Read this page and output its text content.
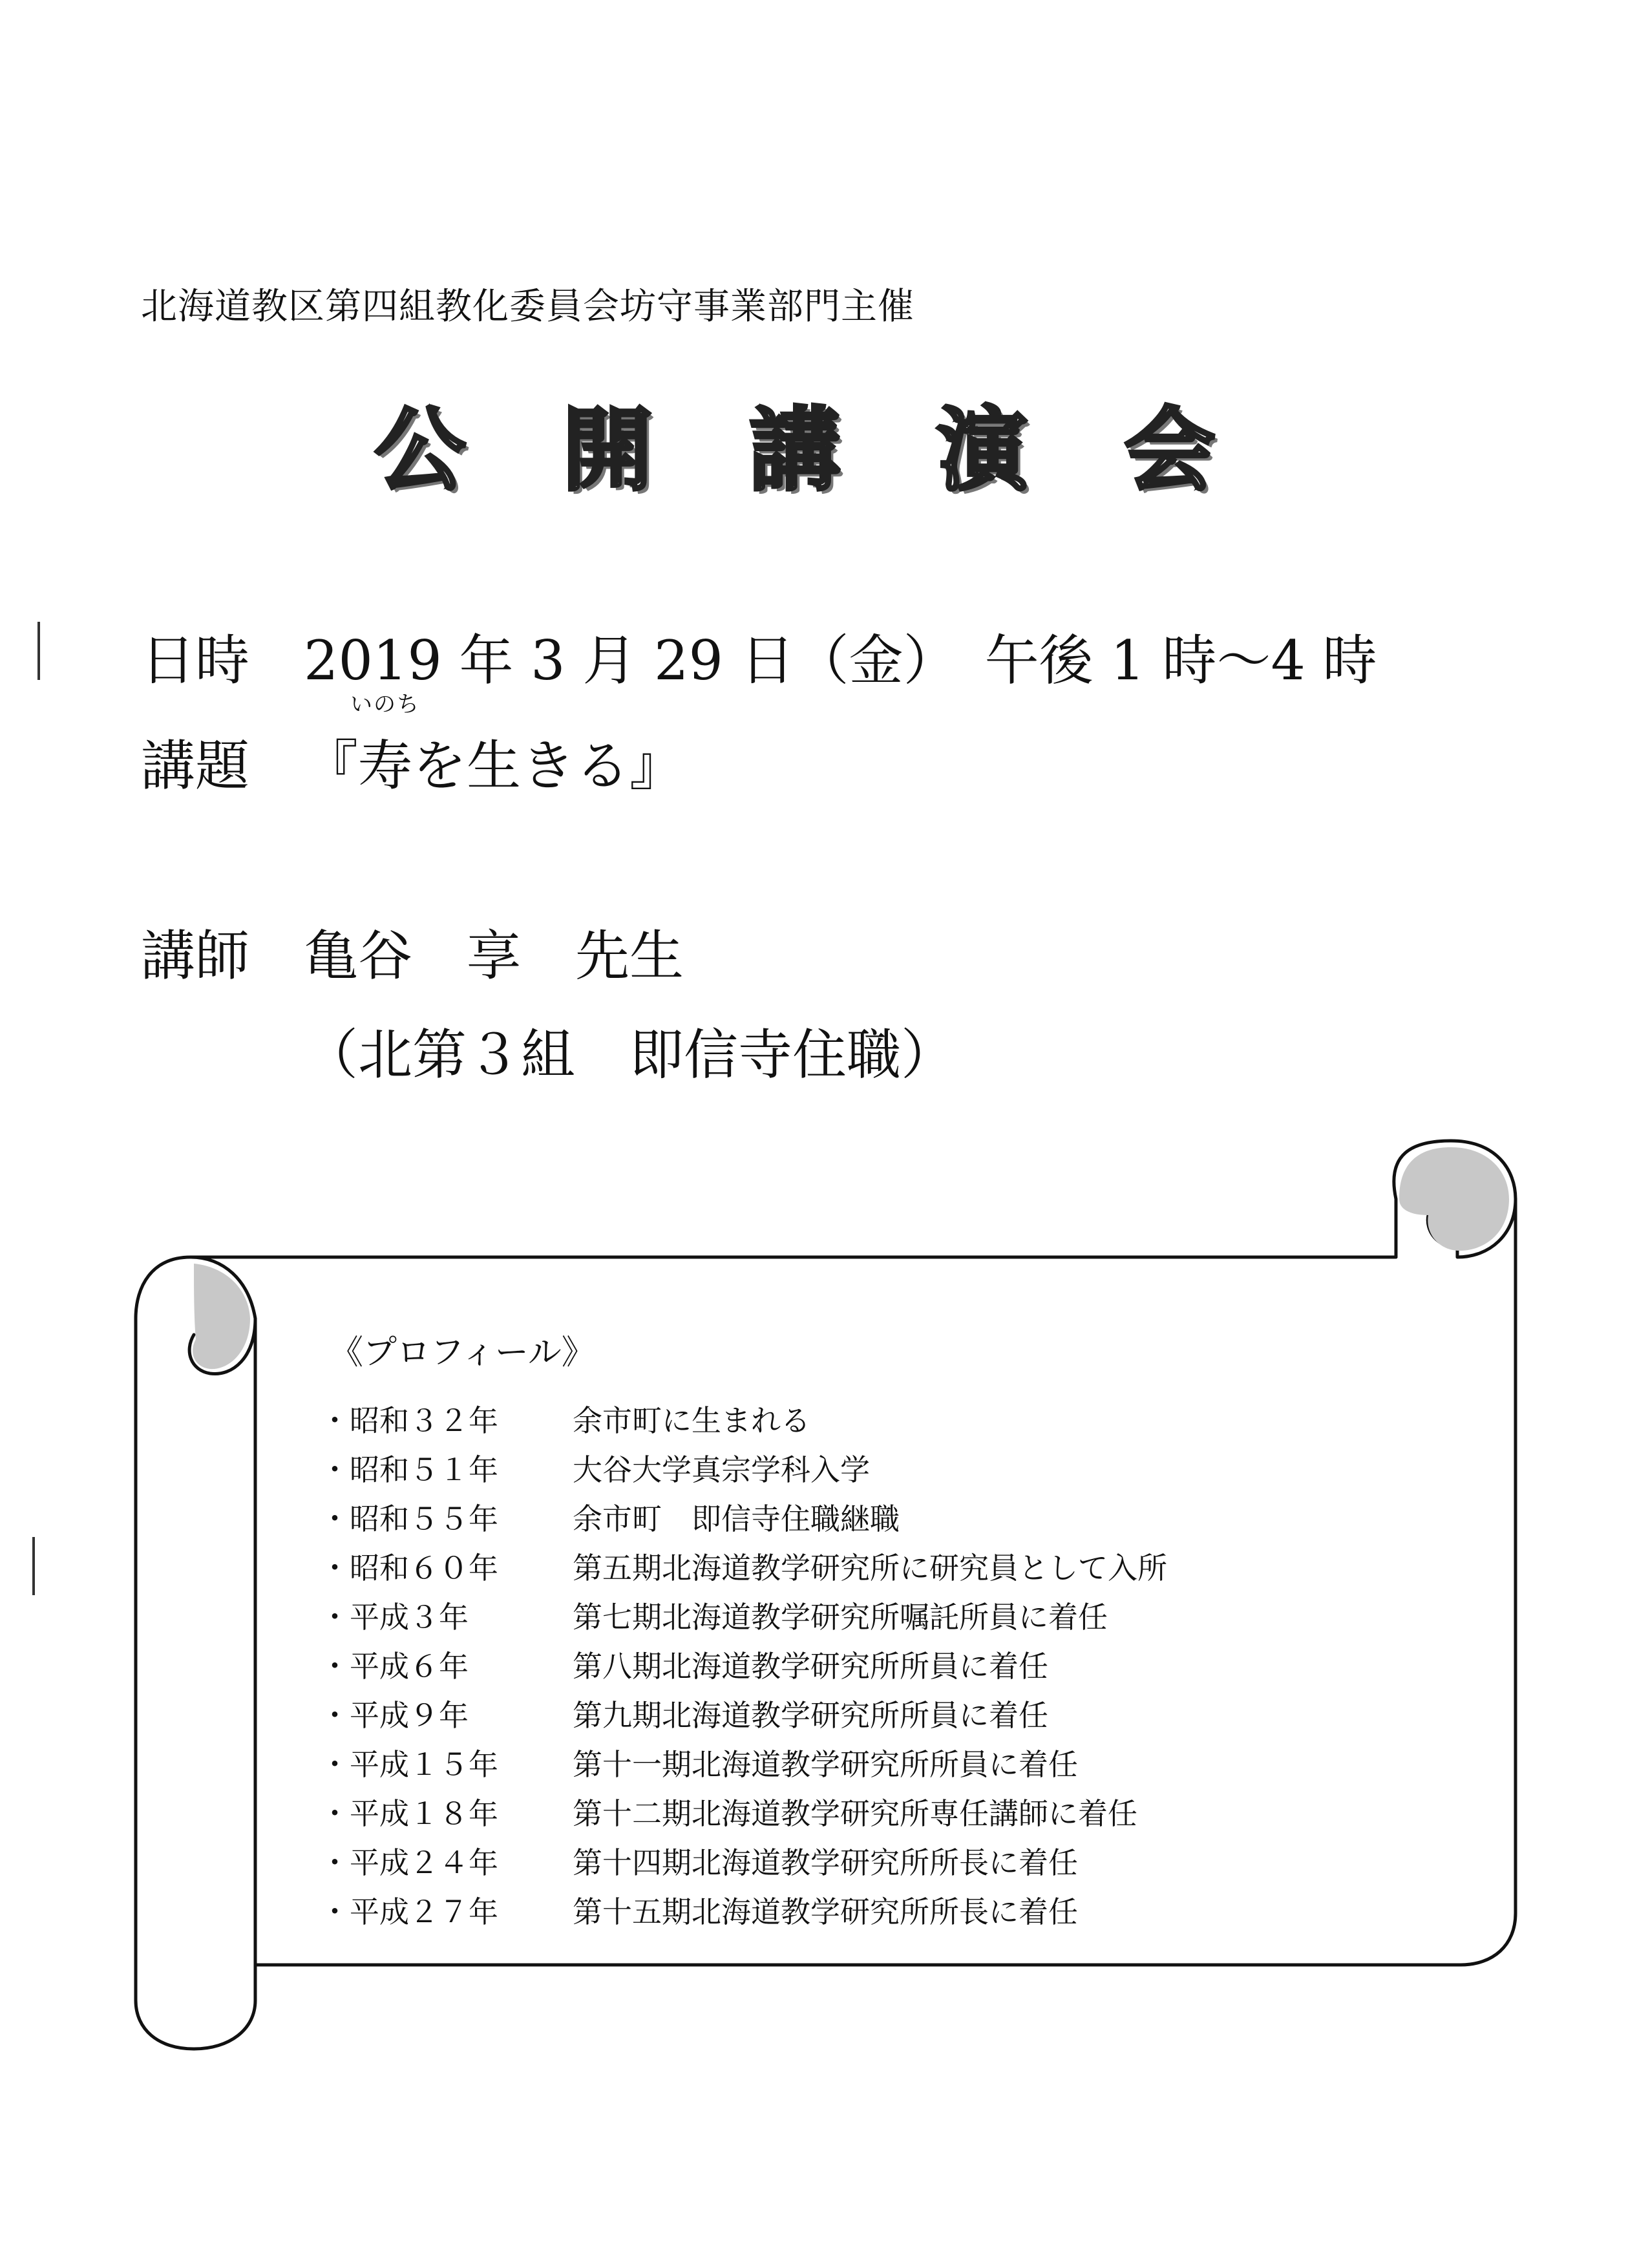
北海道教区第四組教化委員会坊守事業部門主催
公開講演会
日時 2019 年 3 月 29 日（金）　午後 1 時〜4 時
講題 『
いのち
寿を生きる』
講師 亀谷　享　先生
（北第３組　即信寺住職）
《プロフィール》
・昭和３２年	余市町に生まれる
・昭和５１年	大谷大学真宗学科入学
・昭和５５年	余市町　即信寺住職継職
・昭和６０年	第五期北海道教学研究所に研究員として入所
・平成３年	第七期北海道教学研究所嘱託所員に着任
・平成６年	第八期北海道教学研究所所員に着任
・平成９年	第九期北海道教学研究所所員に着任
・平成１５年	第十一期北海道教学研究所所員に着任
・平成１８年	第十二期北海道教学研究所専任講師に着任
・平成２４年	第十四期北海道教学研究所所長に着任
・平成２７年	第十五期北海道教学研究所所長に着任
